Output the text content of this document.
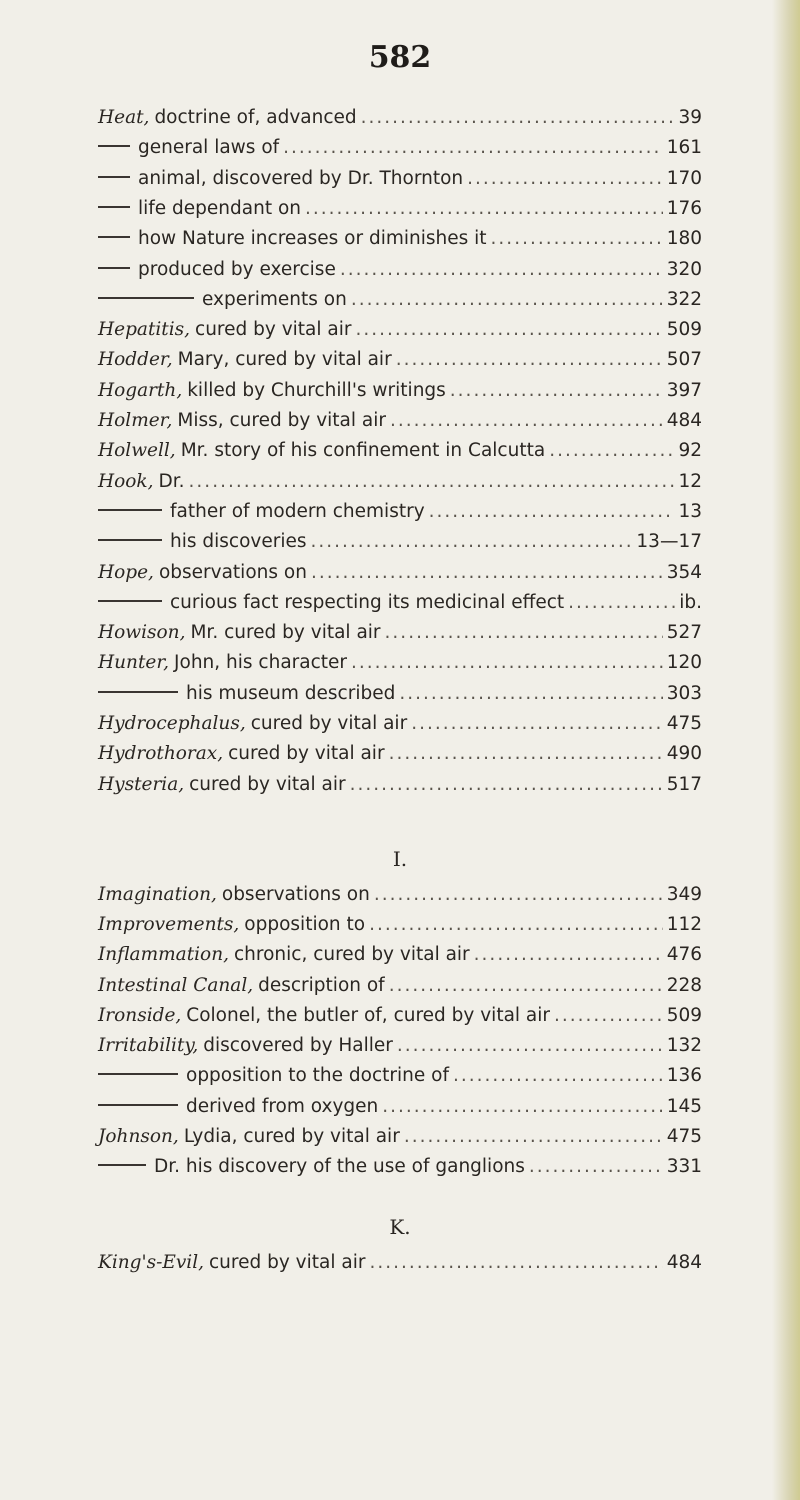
582
Heat, doctrine of, advanced .....	39
general laws of .....	161
animal, discovered by Dr. Thornton .....	170
life dependant on .....	176
how Nature increases or diminishes it .....	180
produced by exercise .....	320
experiments on .....	322
Hepatitis, cured by vital air .....	509
Hodder, Mary, cured by vital air .....	507
Hogarth, killed by Churchill's writings .....	397
Holmer, Miss, cured by vital air .....	484
Holwell, Mr. story of his confinement in Calcutta .....	92
Hook, Dr. .....	12
father of modern chemistry .....	13
his discoveries .....	13—17
Hope, observations on .....	354
curious fact respecting its medicinal effect .....	ib.
Howison, Mr. cured by vital air .....	527
Hunter, John, his character .....	120
his museum described .....	303
Hydrocephalus, cured by vital air .....	475
Hydrothorax, cured by vital air .....	490
Hysteria, cured by vital air .....	517
I.
Imagination, observations on .....	349
Improvements, opposition to .....	112
Inflammation, chronic, cured by vital air .....	476
Intestinal Canal, description of .....	228
Ironside, Colonel, the butler of, cured by vital air .....	509
Irritability, discovered by Haller .....	132
opposition to the doctrine of .....	136
derived from oxygen .....	145
Johnson, Lydia, cured by vital air .....	475
Dr. his discovery of the use of ganglions .....	331
K.
King's-Evil, cured by vital air .....	484
